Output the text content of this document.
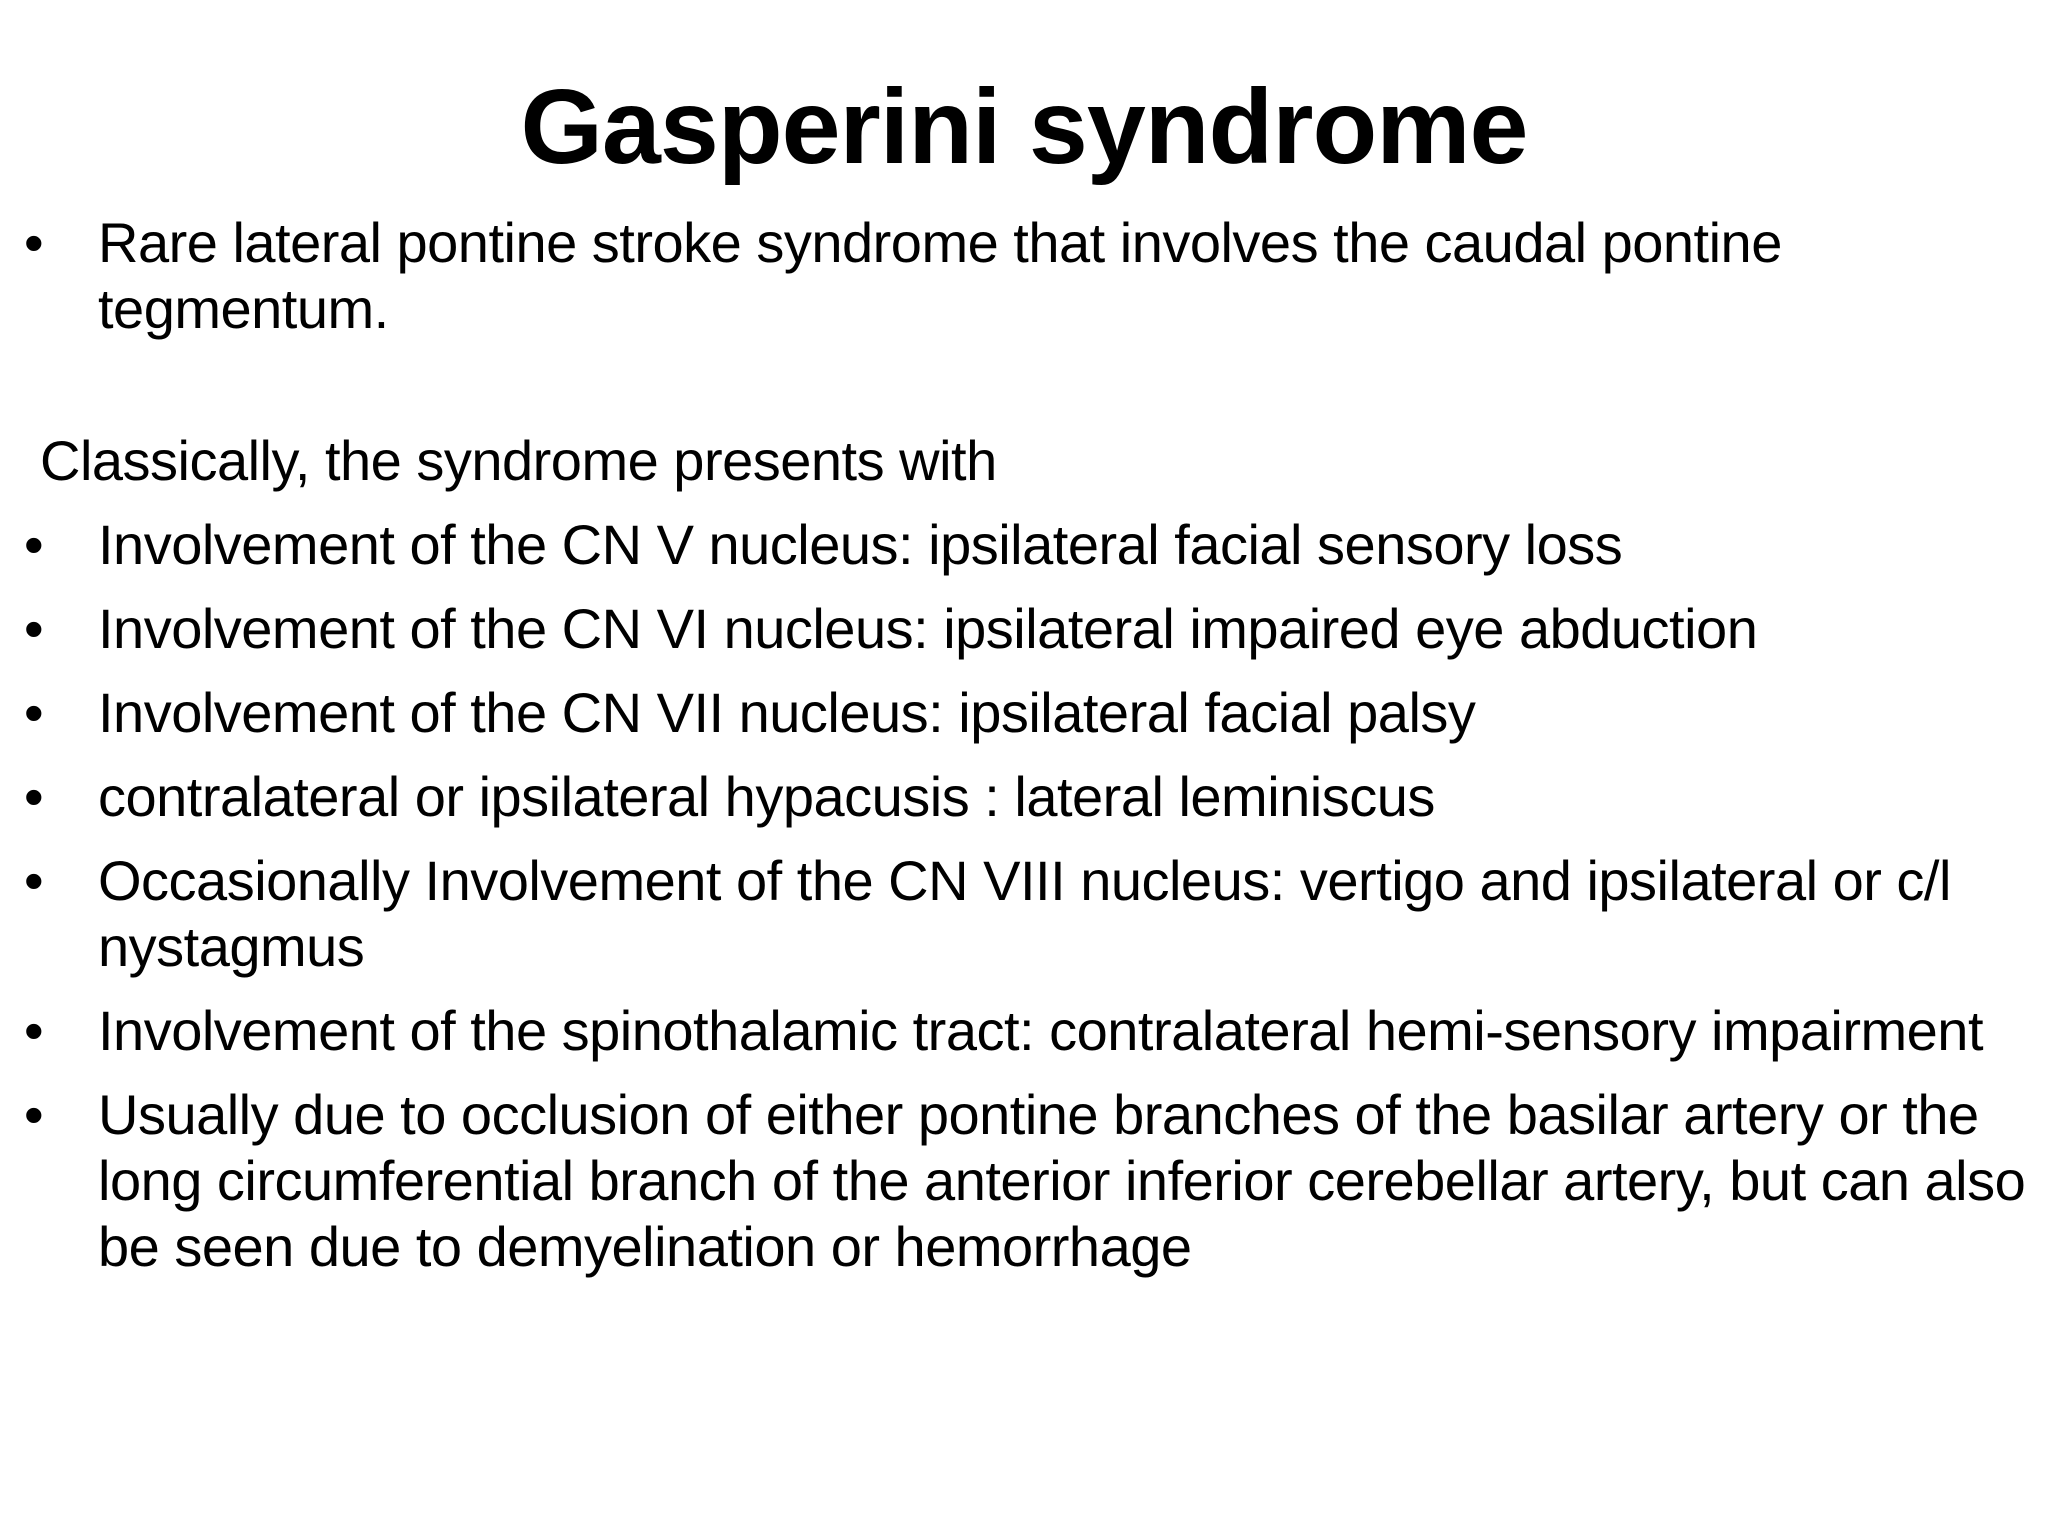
Gasperini syndrome

• Rare lateral pontine stroke syndrome that involves the caudal pontine tegmentum.

Classically, the syndrome presents with

• Involvement of the CN V nucleus: ipsilateral facial sensory loss

• Involvement of the CN VI nucleus: ipsilateral impaired eye abduction

• Involvement of the CN VII nucleus: ipsilateral facial palsy

• contralateral or ipsilateral hypacusis : lateral leminiscus

• Occasionally Involvement of the CN VIII nucleus: vertigo and ipsilateral or c/l nystagmus

• Involvement of the spinothalamic tract: contralateral hemi-sensory impairment

• Usually due to occlusion of either pontine branches of the basilar artery or the long circumferential branch of the anterior inferior cerebellar artery, but can also be seen due to demyelination or hemorrhage
